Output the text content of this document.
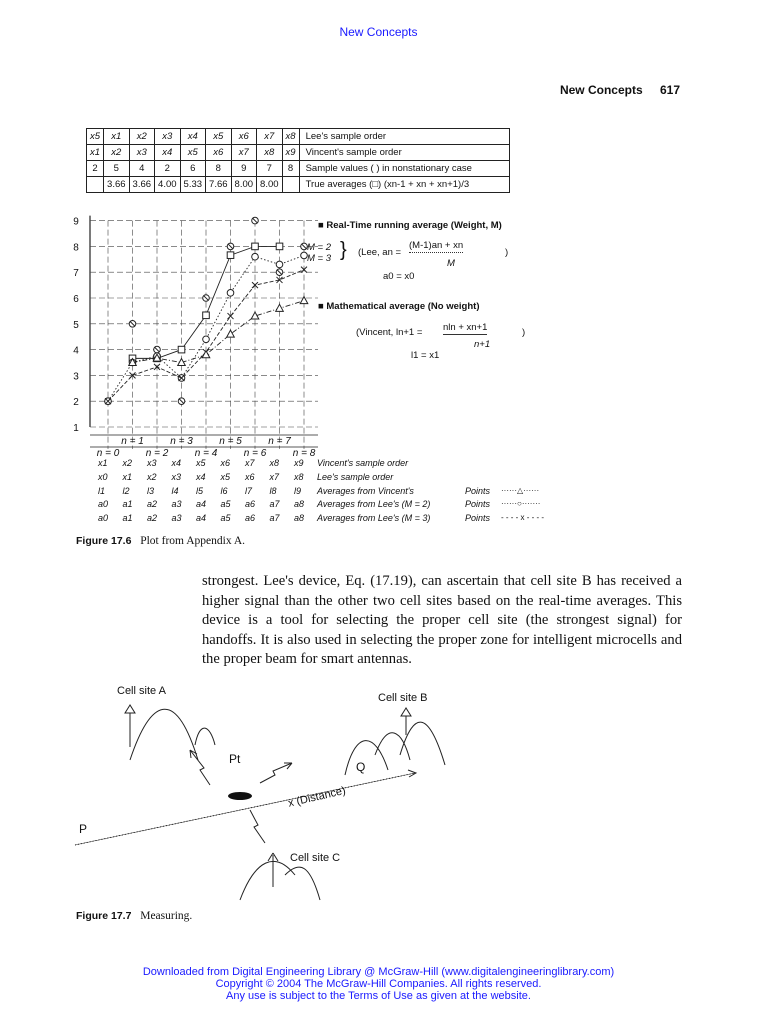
New Concepts
New Concepts 617
x5	x1	x2	x3	x4	x5	x6	x7	x8	Lee's sample order
x1	x2	x3	x4	x5	x6	x7	x8	x9	Vincent's sample order
2	5	4	2	6	8	9	7	8	Sample values ( ) in nonstationary case
	3.66	3.66	4.00	5.33	7.66	8.00	8.00		True averages (□) (xn-1 + xn + xn+1)/3
1
2
3
4
5
6
7
8
9
n = 1	n = 3	n = 5	n = 7
n = 0	n = 2	n = 4	n = 6	n = 8
■ Real-Time running average (Weight, M)
M = 2
M = 3 } (Lee, an =
(M-1)an + xn
)
M
a0 = x0
■ Mathematical average (No weight)
(Vincent, ln+1 = nln + xn+1	)
n+1
l1 = x1
x1 x2 x3 x4 x5 x6 x7 x8 x9 Vincent's sample order
x0 x1 x2 x3 x4 x5 x6 x7 x8 Lee's sample order
l1 l2 l3 l4 l5 l6 l7 l8 l9 Averages from Vincent's	Points ······△······
a0 a1 a2 a3 a4 a5 a6 a7 a8 Averages from Lee's (M = 2)	Points ······○·······
a0 a1 a2 a3 a4 a5 a6 a7 a8 Averages from Lee's (M = 3)	Points - - - - x - - - -
Figure 17.6 Plot from Appendix A.
strongest. Lee's device, Eq. (17.19), can ascertain that cell site B has received a higher signal than the other two cell sites based on the real-time averages. This device is a tool for selecting the proper cell site (the strongest signal) for handoffs. It is also used in selecting the proper zone for intelligent microcells and the proper beam for smart antennas.
Cell site A
Cell site B
Cell site C
Pt
Q
P
x (Distance)
Figure 17.7 Measuring.
Downloaded from Digital Engineering Library @ McGraw-Hill (www.digitalengineeringlibrary.com)
Copyright © 2004 The McGraw-Hill Companies. All rights reserved.
Any use is subject to the Terms of Use as given at the website.
